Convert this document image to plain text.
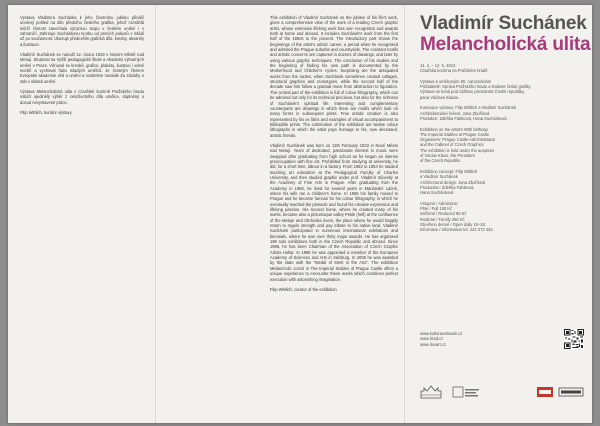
Výstava Vladimíra Suchánka k jeho životnímu jubileu přináší ucelený pohled na dílo předního českého grafika, jehož rozsáhlá tvůrčí činnost zanechala výraznou stopu v českém umění i v zahraničí. Zahrnuje Suchánkovu tvorbu od prvních pokusů v mládí až po současnost. Ukazuje především grafická díla, kresby, akvarely a ilustrace.

Vladimír Suchánek se narodil 12. února 1933 v Novém Městě nad Metují. Studoval na Vyšší pedagogické škole a Akademii výtvarných umění v Praze. Věnoval se kresbě, grafice, plakátu, ilustraci i volné tvorbě a vychoval řadu mladých umělců. Je čestným členem Evropské akademie věd a umění a nositelem medaile Za zásluhy o stát v oblasti umění.

Výstava Melancholická ulita v Císařské konírně Pražského hradu nabízí ojedinělý výběr z celoživotního díla umělce, doplněný o dosud nevystavené práce.

Filip Wittlich, kurátor výstavy

This exhibition of Vladimír Suchánek on the jubilee of his life's work, gives a comprehensive view of the work of a leading Czech graphic artist, whose extensive lifelong work has won recognition and awards both at home and abroad. It includes Suchánek's work from the first half of the 1950s to the present. The introductory part shows the beginnings of the artist's artistic career, a period when he recognised and admired the Prague suburbs and countryside. The constant motifs and artistic concerns are captured in dozens of drawings, and later by using various graphic techniques. The conclusion of his studies and the beginning of finding his own path is documented by the Motherhood and Children's cycles. Surprising are the antiquated works from the sixties, when Suchánek sometimes created collages, structural graphics and monotypes, while the second half of the decade saw him follow a gradual move from abstraction to figuration. The central part of the exhibition is full of colour lithography, which can be admired not only for its technical precision, but also for the richness of Suchánek's spiritual life. Interesting and complementary counterparts are drawings in which there are motifs which look on many forms in subsequent prints. Free artistic creation is also represented by his ex libris and examples of visual accompaniment to bibliophile prints. The culmination of the exhibition are twelve colour lithographs in which the artist pays homage to his, now deceased, artistic friends.

Vladimír Suchánek was born on 12th February 1933 in Nové Město nad Metují. Years of dedicated, passionate interest in music were swapped after graduating from high school as he began an intense preoccupation with fine art. Prohibited from studying at university, he did, for a short time, labour in a factory. From 1952 to 1954 he studied teaching art education at the Pedagogical Faculty of Charles University, and then studied graphic under prof. Vladimír Silovský at the Academy of Fine Arts in Prague. After graduating from the Academy in 1960, he lived for several years in Mariánské Lázně, where his wife ran a children's home. In 1965 his family moved to Prague and he became famous for his colour lithography, in which he eventually reached the pinnacle and found his creative expression and lifelong passion. His second home, where he created many of his works, became also a picturesque valley Pekle (hell) at the confluence of the Metuje and Olešenka rivers, the place where he would happily return to regain strength and pay tribute to his native land. Vladimír Suchánek participated in numerous international exhibitions and biennials, where he won over thirty major awards. He has organised 198 solo exhibitions both in the Czech Republic and abroad. Since 1996, he has been Chairman of the Association of Czech Graphic Artists Hollar. In 1995 he was appointed a member of the European Academy of Sciences and Arts in Salzburg. In 2008 he was awarded by the state with the "Medal of Merit in the Arts". The exhibition Melancholic conch in The Imperial Stables of Prague Castle offers a unique experience to encounter these works which combines perfect execution with astonishing imagination.

Filip Wittlich, curator of the exhibition

Vladimír Suchánek
Melancholická ulita
14. 2. – 12. 5. 2013
Císařská konírna na Pražském hradě
Výstava k umělcovým 80. narozeninám
Pořadatelé: Správa Pražského hradu a Kabinet české grafiky
Výstava se koná pod záštitou prezidenta České republiky,
pana Václava Klause.
Koncepce výstavy: Filip Wittlich a Vladimír Suchánek
Architektonické řešení: Jana Zbořilová
Produkce: Zdeňka Fabiková, Hana Suchánková
Exhibition on the artist's 80th birthday
The Imperial Stables at Prague Castle
Organisers: Prague Castle Administration
and the Cabinet of Czech Graphics
The exhibition is held under the auspices
of Václav Klaus, the President
of the Czech Republic.
Exhibition concept: Filip Wittlich
a Vladimír Suchánek
Architectural design: Jana Zbořilová
Production: Zdeňka Fabiková,
Hana Suchánková
Vstupné / Admission:
Plné / Full 150 Kč
Snížené / Reduced 80 Kč
Rodinné / Family 250 Kč
Otevřeno denně / Open daily 10–18
Informace / Information tel. 224 372 434
www.kulturanahrade.cz
www.hrad.cz
www.ilovart.cz
